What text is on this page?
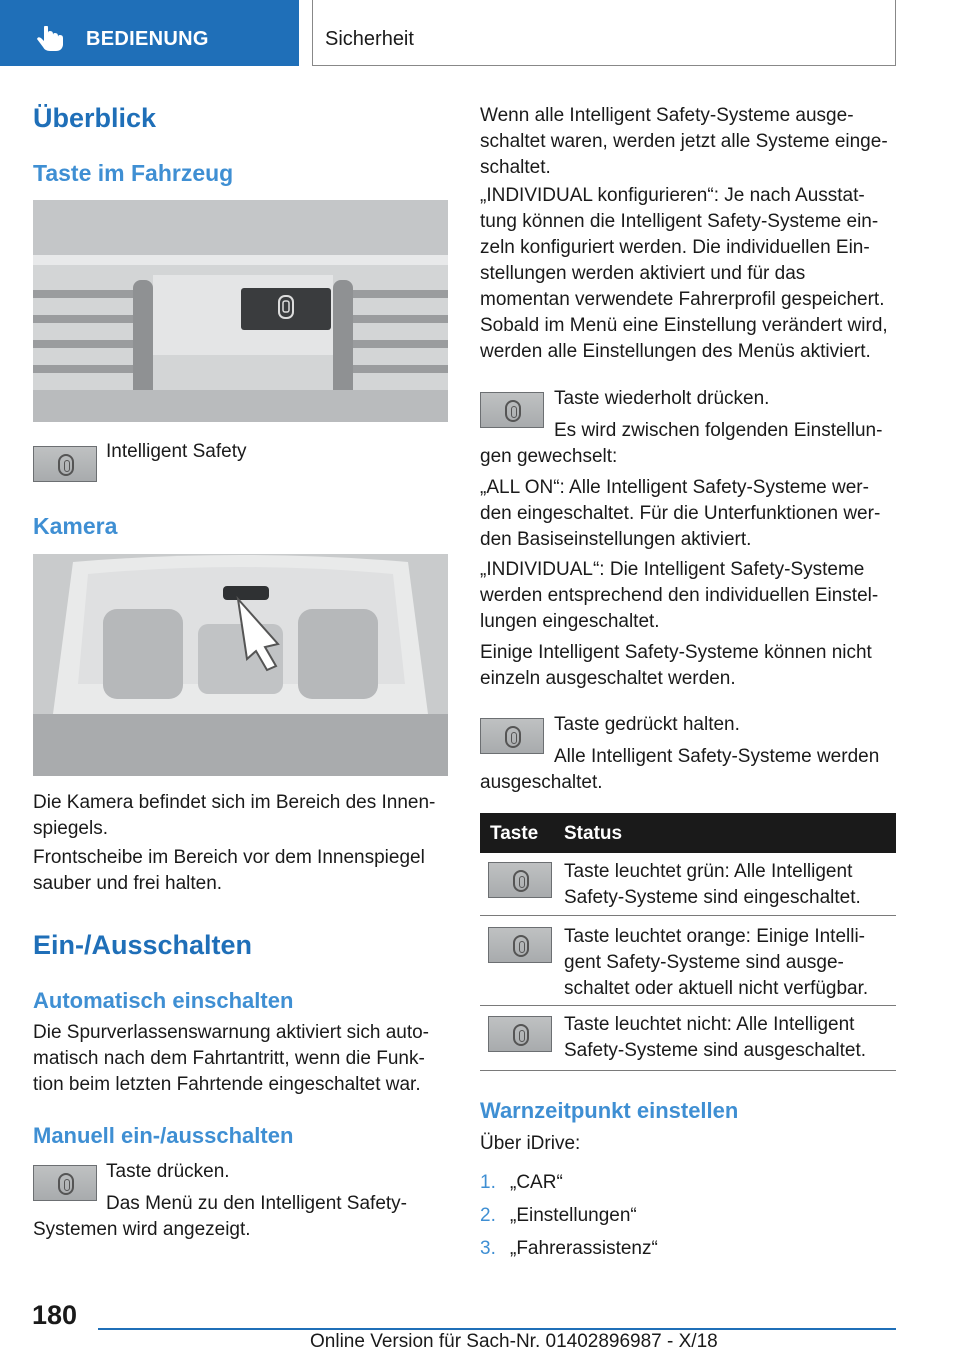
BEDIENUNG	Sicherheit
Überblick
Taste im Fahrzeug
Intelligent Safety
Kamera
Die Kamera befindet sich im Bereich des Innen-
spiegels.
Frontscheibe im Bereich vor dem Innenspiegel
sauber und frei halten.
Ein-/Ausschalten
Automatisch einschalten
Die Spurverlassenswarnung aktiviert sich auto-
matisch nach dem Fahrtantritt, wenn die Funk-
tion beim letzten Fahrtende eingeschaltet war.
Manuell ein-/ausschalten
Taste drücken.
Das Menü zu den Intelligent Safety-
Systemen wird angezeigt.
Wenn alle Intelligent Safety-Systeme ausge-
schaltet waren, werden jetzt alle Systeme einge-
schaltet.
„INDIVIDUAL konfigurieren“: Je nach Ausstat-
tung können die Intelligent Safety-Systeme ein-
zeln konfiguriert werden. Die individuellen Ein-
stellungen werden aktiviert und für das
momentan verwendete Fahrerprofil gespeichert.
Sobald im Menü eine Einstellung verändert wird,
werden alle Einstellungen des Menüs aktiviert.
Taste wiederholt drücken.
Es wird zwischen folgenden Einstellun-
gen gewechselt:
„ALL ON“: Alle Intelligent Safety-Systeme wer-
den eingeschaltet. Für die Unterfunktionen wer-
den Basiseinstellungen aktiviert.
„INDIVIDUAL“: Die Intelligent Safety-Systeme
werden entsprechend den individuellen Einstel-
lungen eingeschaltet.
Einige Intelligent Safety-Systeme können nicht
einzeln ausgeschaltet werden.
Taste gedrückt halten.
Alle Intelligent Safety-Systeme werden
ausgeschaltet.
Taste Status
Taste leuchtet grün: Alle Intelligent
Safety-Systeme sind eingeschaltet.
Taste leuchtet orange: Einige Intelli-
gent Safety-Systeme sind ausge-
schaltet oder aktuell nicht verfügbar.
Taste leuchtet nicht: Alle Intelligent
Safety-Systeme sind ausgeschaltet.
Warnzeitpunkt einstellen
Über iDrive:
1. „CAR“
2. „Einstellungen“
3. „Fahrerassistenz“
180
Online Version für Sach-Nr. 01402896987 - X/18
